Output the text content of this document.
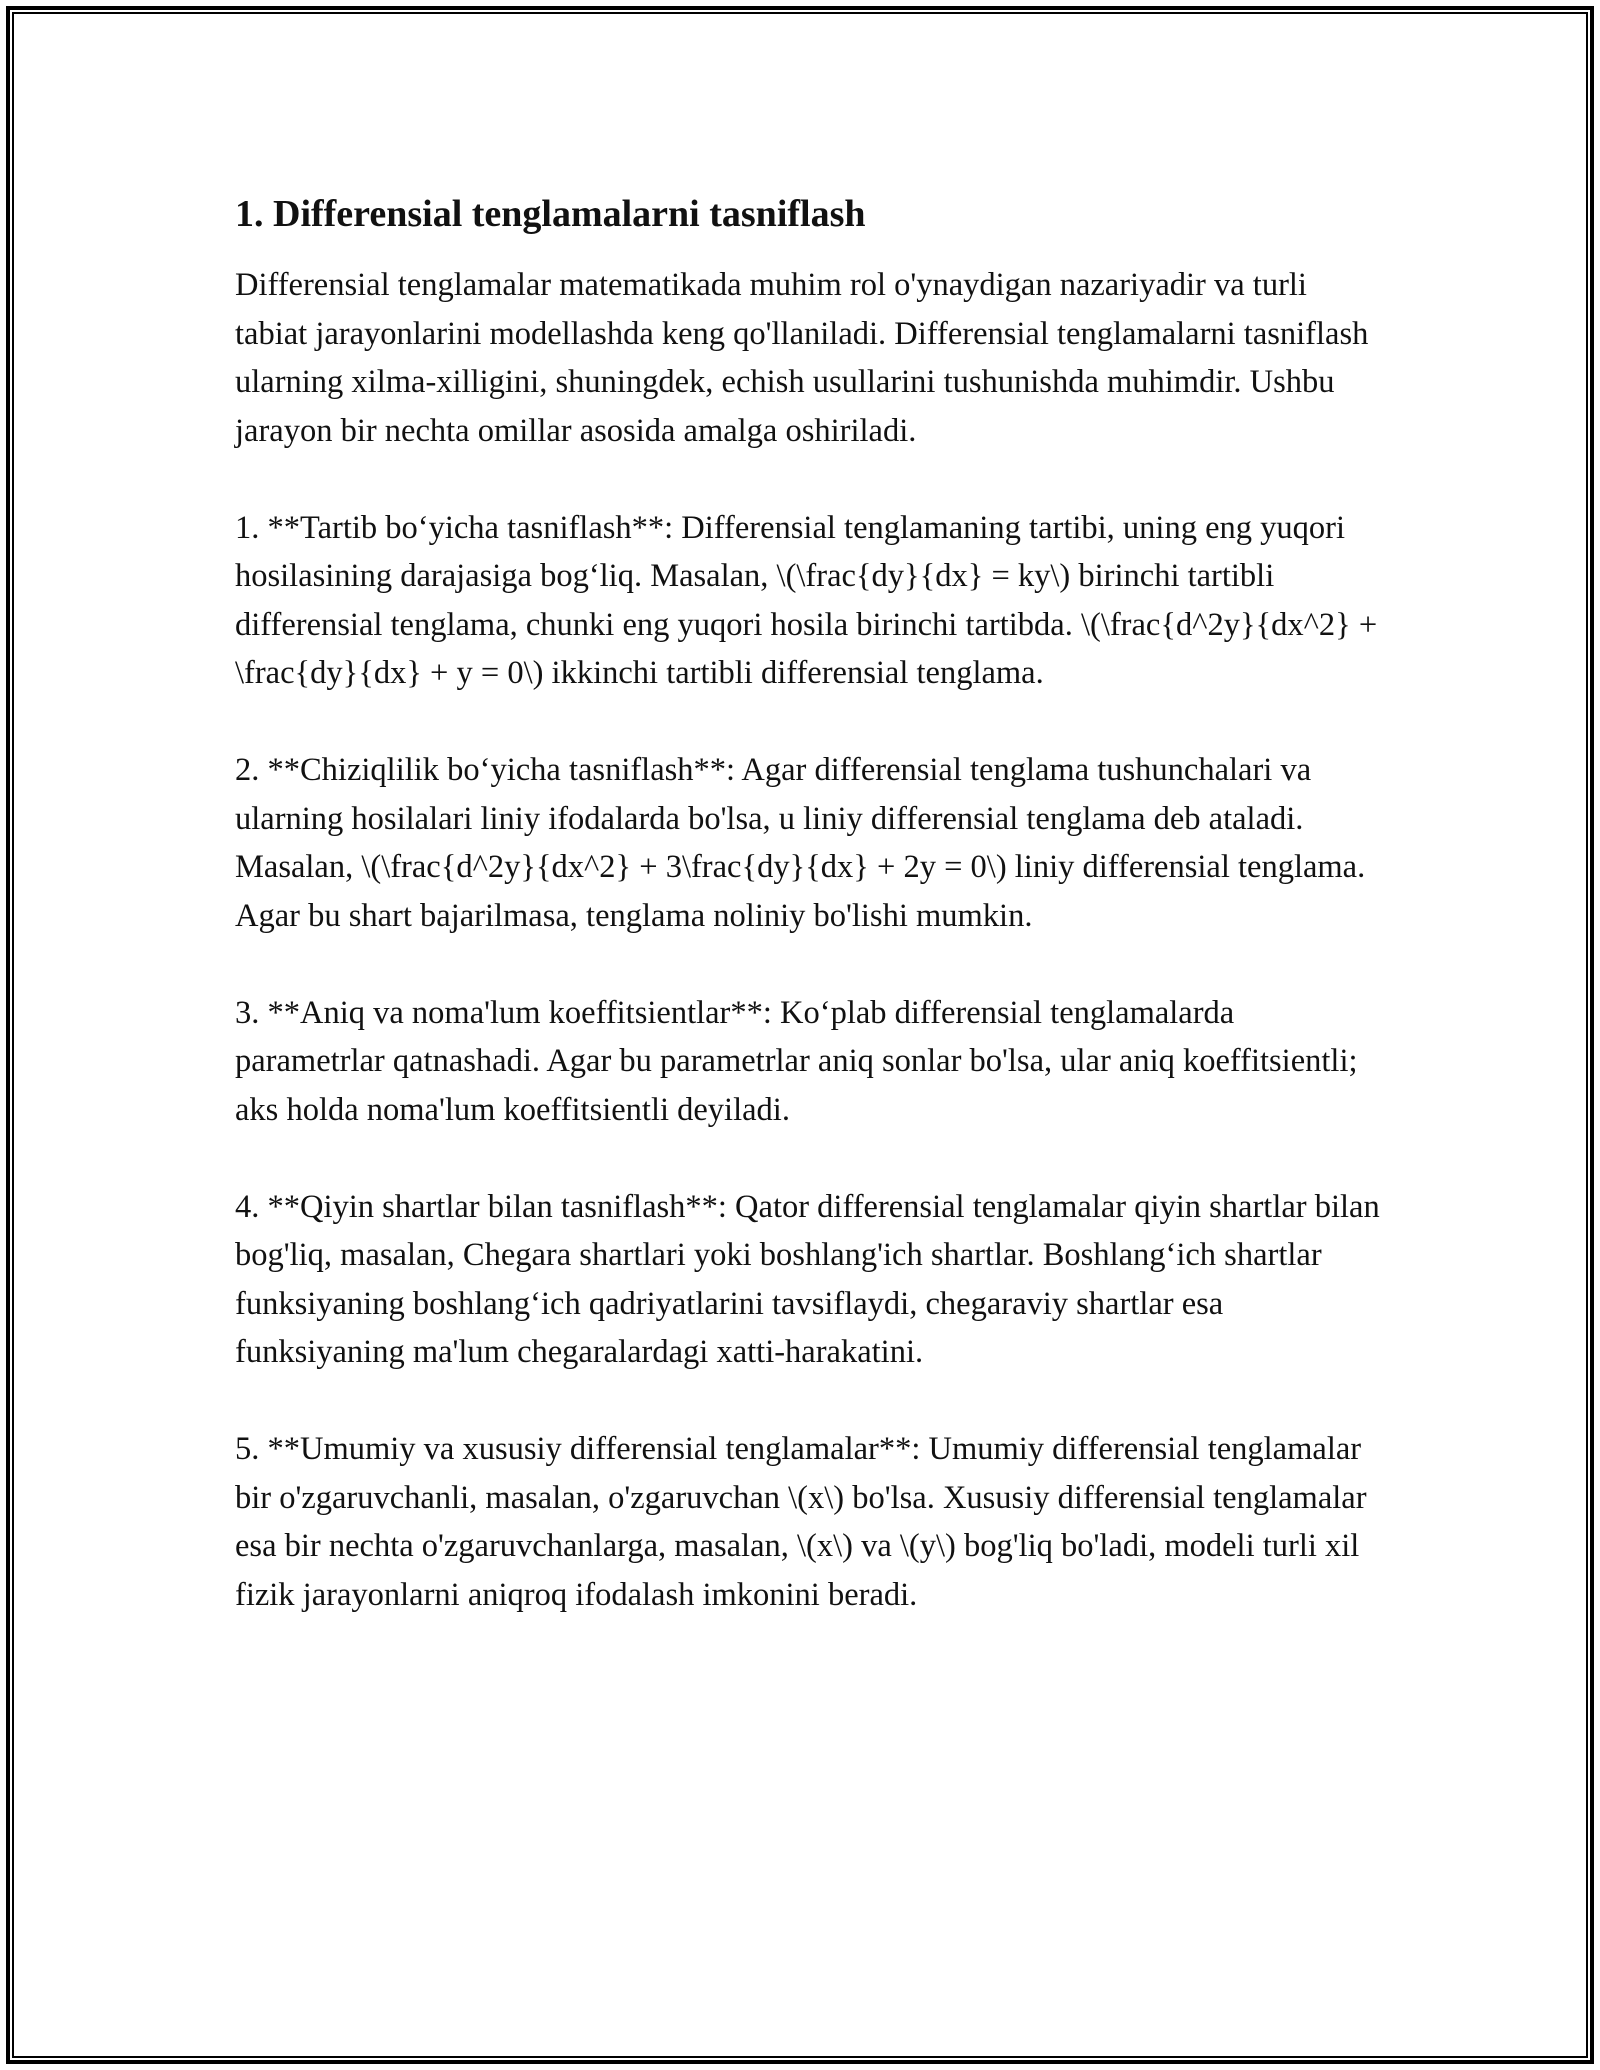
1. Differensial tenglamalarni tasniflash

Differensial tenglamalar matematikada muhim rol o'ynaydigan nazariyadir va turli tabiat jarayonlarini modellashda keng qo'llaniladi. Differensial tenglamalarni tasniflash ularning xilma-xilligini, shuningdek, echish usullarini tushunishda muhimdir. Ushbu jarayon bir nechta omillar asosida amalga oshiriladi.

1. **Tartib bo‘yicha tasniflash**: Differensial tenglamaning tartibi, uning eng yuqori hosilasining darajasiga bog‘liq. Masalan, \(\frac{dy}{dx} = ky\) birinchi tartibli differensial tenglama, chunki eng yuqori hosila birinchi tartibda. \(\frac{d^2y}{dx^2} + \frac{dy}{dx} + y = 0\) ikkinchi tartibli differensial tenglama.

2. **Chiziqlilik bo‘yicha tasniflash**: Agar differensial tenglama tushunchalari va ularning hosilalari liniy ifodalarda bo'lsa, u liniy differensial tenglama deb ataladi. Masalan, \(\frac{d^2y}{dx^2} + 3\frac{dy}{dx} + 2y = 0\) liniy differensial tenglama. Agar bu shart bajarilmasa, tenglama noliniy bo'lishi mumkin.

3. **Aniq va noma'lum koeffitsientlar**: Ko‘plab differensial tenglamalarda parametrlar qatnashadi. Agar bu parametrlar aniq sonlar bo'lsa, ular aniq koeffitsientli; aks holda noma'lum koeffitsientli deyiladi.

4. **Qiyin shartlar bilan tasniflash**: Qator differensial tenglamalar qiyin shartlar bilan bog'liq, masalan, Chegara shartlari yoki boshlang'ich shartlar. Boshlang‘ich shartlar funksiyaning boshlang‘ich qadriyatlarini tavsiflaydi, chegaraviy shartlar esa funksiyaning ma'lum chegaralardagi xatti-harakatini.

5. **Umumiy va xususiy differensial tenglamalar**: Umumiy differensial tenglamalar bir o'zgaruvchanli, masalan, o'zgaruvchan \(x\) bo'lsa. Xususiy differensial tenglamalar esa bir nechta o'zgaruvchanlarga, masalan, \(x\) va \(y\) bog'liq bo'ladi, modeli turli xil fizik jarayonlarni aniqroq ifodalash imkonini beradi.
